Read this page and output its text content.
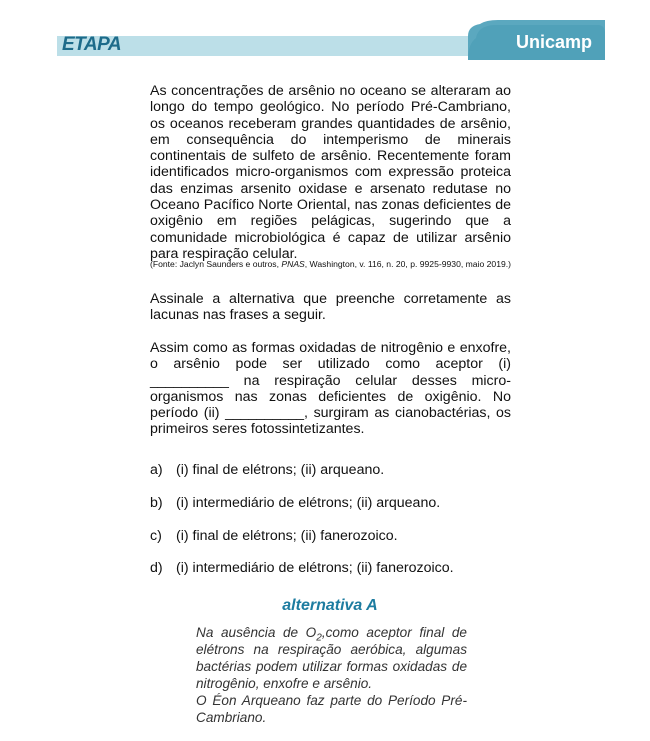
ETAPA	Unicamp

As concentrações de arsênio no oceano se alteraram ao longo do tempo geológico. No período Pré-Cambriano, os oceanos receberam grandes quantidades de arsênio, em consequência do intemperismo de minerais continentais de sulfeto de arsênio. Recentemente foram identificados micro-organismos com expressão proteica das enzimas arsenito oxidase e arsenato redutase no Oceano Pacífico Norte Oriental, nas zonas deficientes de oxigênio em regiões pelágicas, sugerindo que a comunidade microbiológica é capaz de utilizar arsênio para respiração celular.

(Fonte: Jaclyn Saunders e outros, PNAS, Washington, v. 116, n. 20, p. 9925-9930, maio 2019.)

Assinale a alternativa que preenche corretamente as lacunas nas frases a seguir.

Assim como as formas oxidadas de nitrogênio e enxofre, o arsênio pode ser utilizado como aceptor (i) __________ na respiração celular desses micro-organismos nas zonas deficientes de oxigênio. No período (ii) __________, surgiram as cianobactérias, os primeiros seres fotossintetizantes.

a) (i) final de elétrons; (ii) arqueano.
b) (i) intermediário de elétrons; (ii) arqueano.
c) (i) final de elétrons; (ii) fanerozoico.
d) (i) intermediário de elétrons; (ii) fanerozoico.
alternativa A

Na ausência de $O_2,como$ aceptor final de elétrons na respiração aeróbica, algumas bactérias podem utilizar formas oxidadas de nitrogênio, enxofre e arsênio.
O Éon Arqueano faz parte do Período Pré-Cambriano.
